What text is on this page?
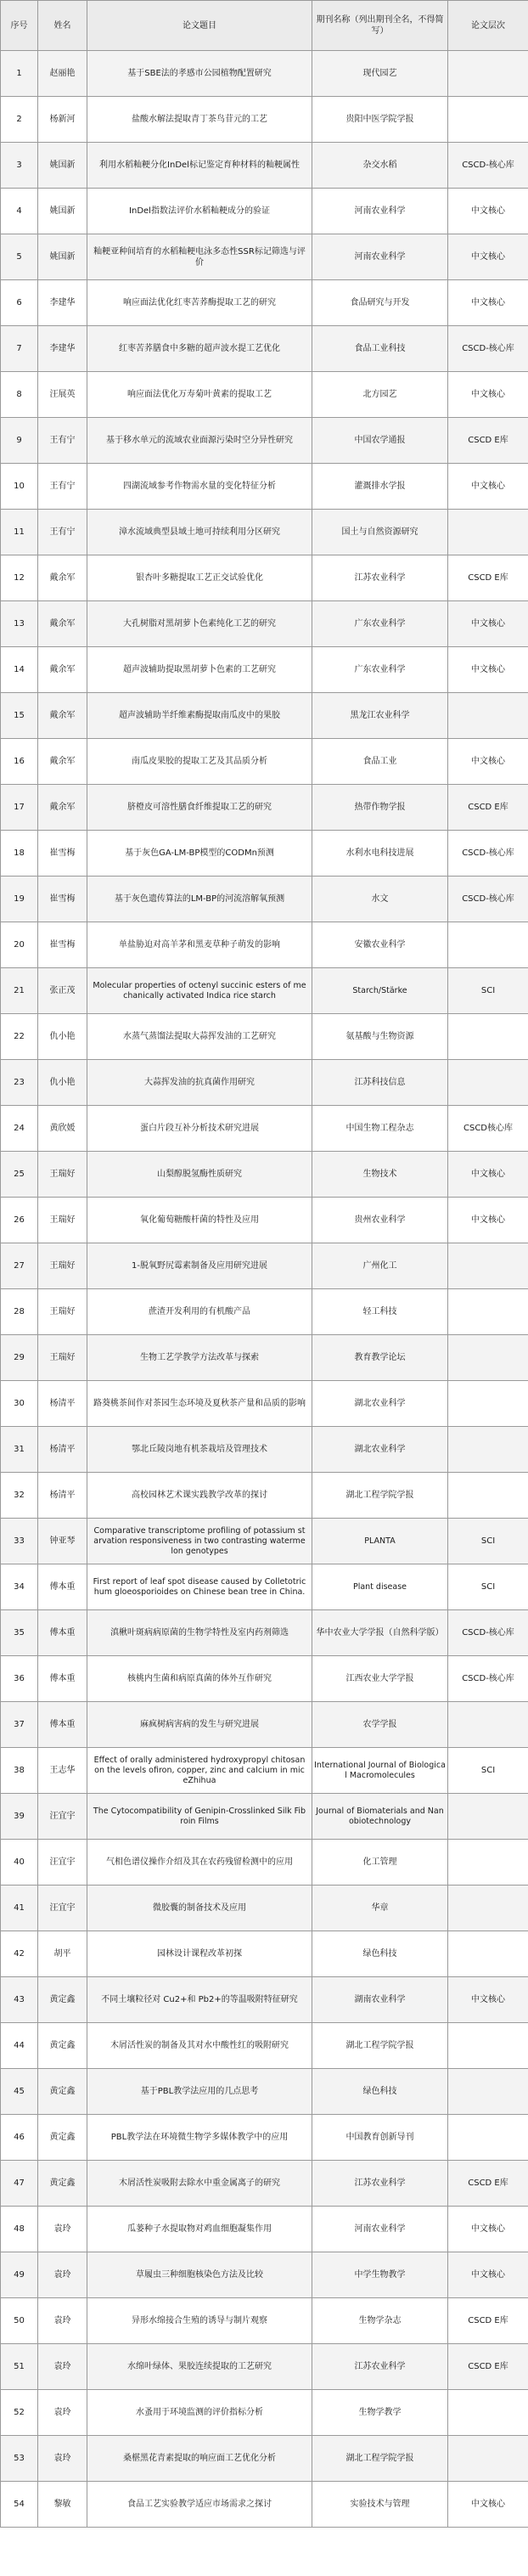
序号	姓名	论文题目	期刊名称（列出期刊全名，不得简写）	论文层次
1	赵丽艳	基于SBE法的孝感市公园植物配置研究	现代园艺	
2	杨新河	盐酸水解法提取青丁茶鸟苷元的工艺	贵阳中医学院学报	
3	姚国新	利用水稻籼粳分化InDel标记鉴定育种材料的籼粳属性	杂交水稻	CSCD-核心库
4	姚国新	InDel指数法评价水稻籼粳成分的验证	河南农业科学	中文核心
5	姚国新	籼粳亚种间培育的水稻籼粳电泳多态性SSR标记筛选与评价	河南农业科学	中文核心
6	李建华	响应面法优化红枣苦荞酶提取工艺的研究	食品研究与开发	中文核心
7	李建华	红枣苦荞膳食中多糖的超声波水提工艺优化	食品工业科技	CSCD-核心库
8	汪展英	响应面法优化万寿菊叶黄素的提取工艺	北方园艺	中文核心
9	王有宁	基于移水单元的流域农业面源污染时空分异性研究	中国农学通报	CSCD E库
10	王有宁	四湖流域参考作物需水量的变化特征分析	灌溉排水学报	中文核心
11	王有宁	漳水流域典型县域土地可持续利用分区研究	国土与自然资源研究	
12	戴余军	银杏叶多糖提取工艺正交试验优化	江苏农业科学	CSCD E库
13	戴余军	大孔树脂对黑胡萝卜色素纯化工艺的研究	广东农业科学	中文核心
14	戴余军	超声波辅助提取黑胡萝卜色素的工艺研究	广东农业科学	中文核心
15	戴余军	超声波辅助半纤维素酶提取南瓜皮中的果胶	黑龙江农业科学	
16	戴余军	南瓜皮果胶的提取工艺及其品质分析	食品工业	中文核心
17	戴余军	脐橙皮可溶性膳食纤维提取工艺的研究	热带作物学报	CSCD E库
18	崔雪梅	基于灰色GA-LM-BP模型的CODMn预测	水利水电科技进展	CSCD-核心库
19	崔雪梅	基于灰色遗传算法的LM-BP的河流溶解氧预测	水文	CSCD-核心库
20	崔雪梅	单盐胁迫对高羊茅和黑麦草种子萌发的影响	安徽农业科学	
21	张正茂	Molecular properties of octenyl succinic esters of mechanically activated Indica rice starch	Starch/Stärke	SCI
22	仇小艳	水蒸气蒸馏法提取大蒜挥发油的工艺研究	氨基酸与生物资源	
23	仇小艳	大蒜挥发油的抗真菌作用研究	江苏科技信息	
24	黄欣媛	蛋白片段互补分析技术研究进展	中国生物工程杂志	CSCD核心库
25	王瑞好	山梨醇脱氢酶性质研究	生物技术	中文核心
26	王瑞好	氧化葡萄糖酸杆菌的特性及应用	贵州农业科学	中文核心
27	王瑞好	1-脱氧野尻霉素制备及应用研究进展	广州化工	
28	王瑞好	蔗渣开发利用的有机酸产品	轻工科技	
29	王瑞好	生物工艺学教学方法改革与探索	教育教学论坛	
30	杨清平	路葵桃茶间作对茶园生态环境及夏秋茶产量和品质的影响	湖北农业科学	
31	杨清平	鄂北丘陵岗地有机茶栽培及管理技术	湖北农业科学	
32	杨清平	高校园林艺术课实践教学改革的探讨	湖北工程学院学报	
33	钟亚琴	Comparative transcriptome profiling of potassium starvation responsiveness in two contrasting watermelon genotypes	PLANTA	SCI
34	傅本重	First report of leaf spot disease caused by Colletotrichum gloeosporioides on Chinese bean tree in China.	Plant disease	SCI
35	傅本重	滇楸叶斑病病原菌的生物学特性及室内药剂筛选	华中农业大学学报（自然科学版）	CSCD-核心库
36	傅本重	核桃内生菌和病原真菌的体外互作研究	江西农业大学学报	CSCD-核心库
37	傅本重	麻疯树病害病的发生与研究进展	农学学报	
38	王志华	Effect of orally administered hydroxypropyl chitosan on the levels ofiron, copper, zinc and calcium in miceZhihua	International Journal of Biological Macromolecules	SCI
39	汪宜宇	The Cytocompatibility of Genipin-Crosslinked Silk Fibroin Films	Journal of Biomaterials and Nanobiotechnology	
40	汪宜宇	气相色谱仪操作介绍及其在农药残留检测中的应用	化工管理	
41	汪宜宇	微胶囊的制备技术及应用	华章	
42	胡平	园林设计课程改革初探	绿色科技	
43	黄定鑫	不同土壤粒径对 Cu2+和 Pb2+的等温吸附特征研究	湖南农业科学	中文核心
44	黄定鑫	木屑活性炭的制备及其对水中酸性红的吸附研究	湖北工程学院学报	
45	黄定鑫	基于PBL教学法应用的几点思考	绿色科技	
46	黄定鑫	PBL教学法在环境微生物学多媒体教学中的应用	中国教育创新导刊	
47	黄定鑫	木屑活性炭吸附去除水中重金属离子的研究	江苏农业科学	CSCD E库
48	袁玲	瓜蒌种子水提取物对鸡血细胞凝集作用	河南农业科学	中文核心
49	袁玲	草履虫三种细胞核染色方法及比较	中学生物教学	中文核心
50	袁玲	异形水绵接合生殖的诱导与制片观察	生物学杂志	CSCD E库
51	袁玲	水绵叶绿体、果胶连续提取的工艺研究	江苏农业科学	CSCD E库
52	袁玲	水蚤用于环境监测的评价指标分析	生物学教学	
53	袁玲	桑椹黑花青素提取的响应面工艺优化分析	湖北工程学院学报	
54	黎敏	食品工艺实验教学适应市场需求之探讨	实验技术与管理	中文核心
